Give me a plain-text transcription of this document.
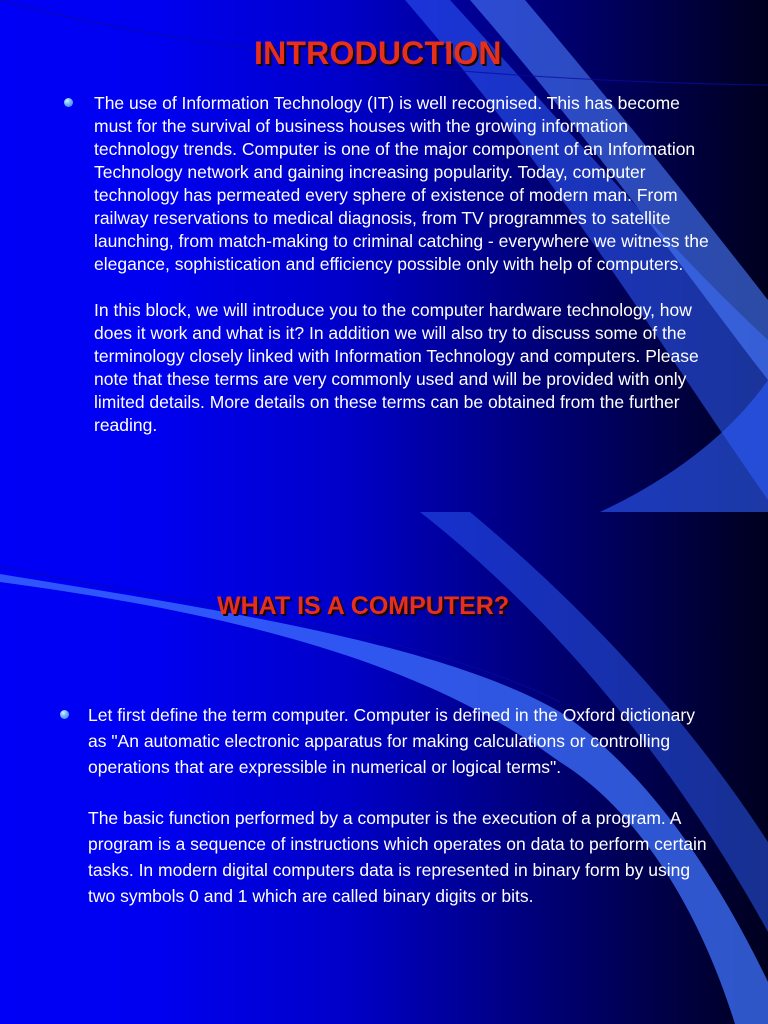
INTRODUCTION

The use of Information Technology (IT) is well recognised. This has become must for the survival of business houses with the growing information technology trends. Computer is one of the major component of an Information Technology network and gaining increasing popularity. Today, computer technology has permeated every sphere of existence of modern man. From railway reservations to medical diagnosis, from TV programmes to satellite launching, from match-making to criminal catching - everywhere we witness the elegance, sophistication and efficiency possible only with help of computers.

In this block, we will introduce you to the computer hardware technology, how does it work and what is it? In addition we will also try to discuss some of the terminology closely linked with Information Technology and computers. Please note that these terms are very commonly used and will be provided with only limited details. More details on these terms can be obtained from the further reading.

WHAT IS A COMPUTER?

Let first define the term computer. Computer is defined in the Oxford dictionary as "An automatic electronic apparatus for making calculations or controlling operations that are expressible in numerical or logical terms".

The basic function performed by a computer is the execution of a program. A program is a sequence of instructions which operates on data to perform certain tasks. In modern digital computers data is represented in binary form by using two symbols 0 and 1 which are called binary digits or bits.
